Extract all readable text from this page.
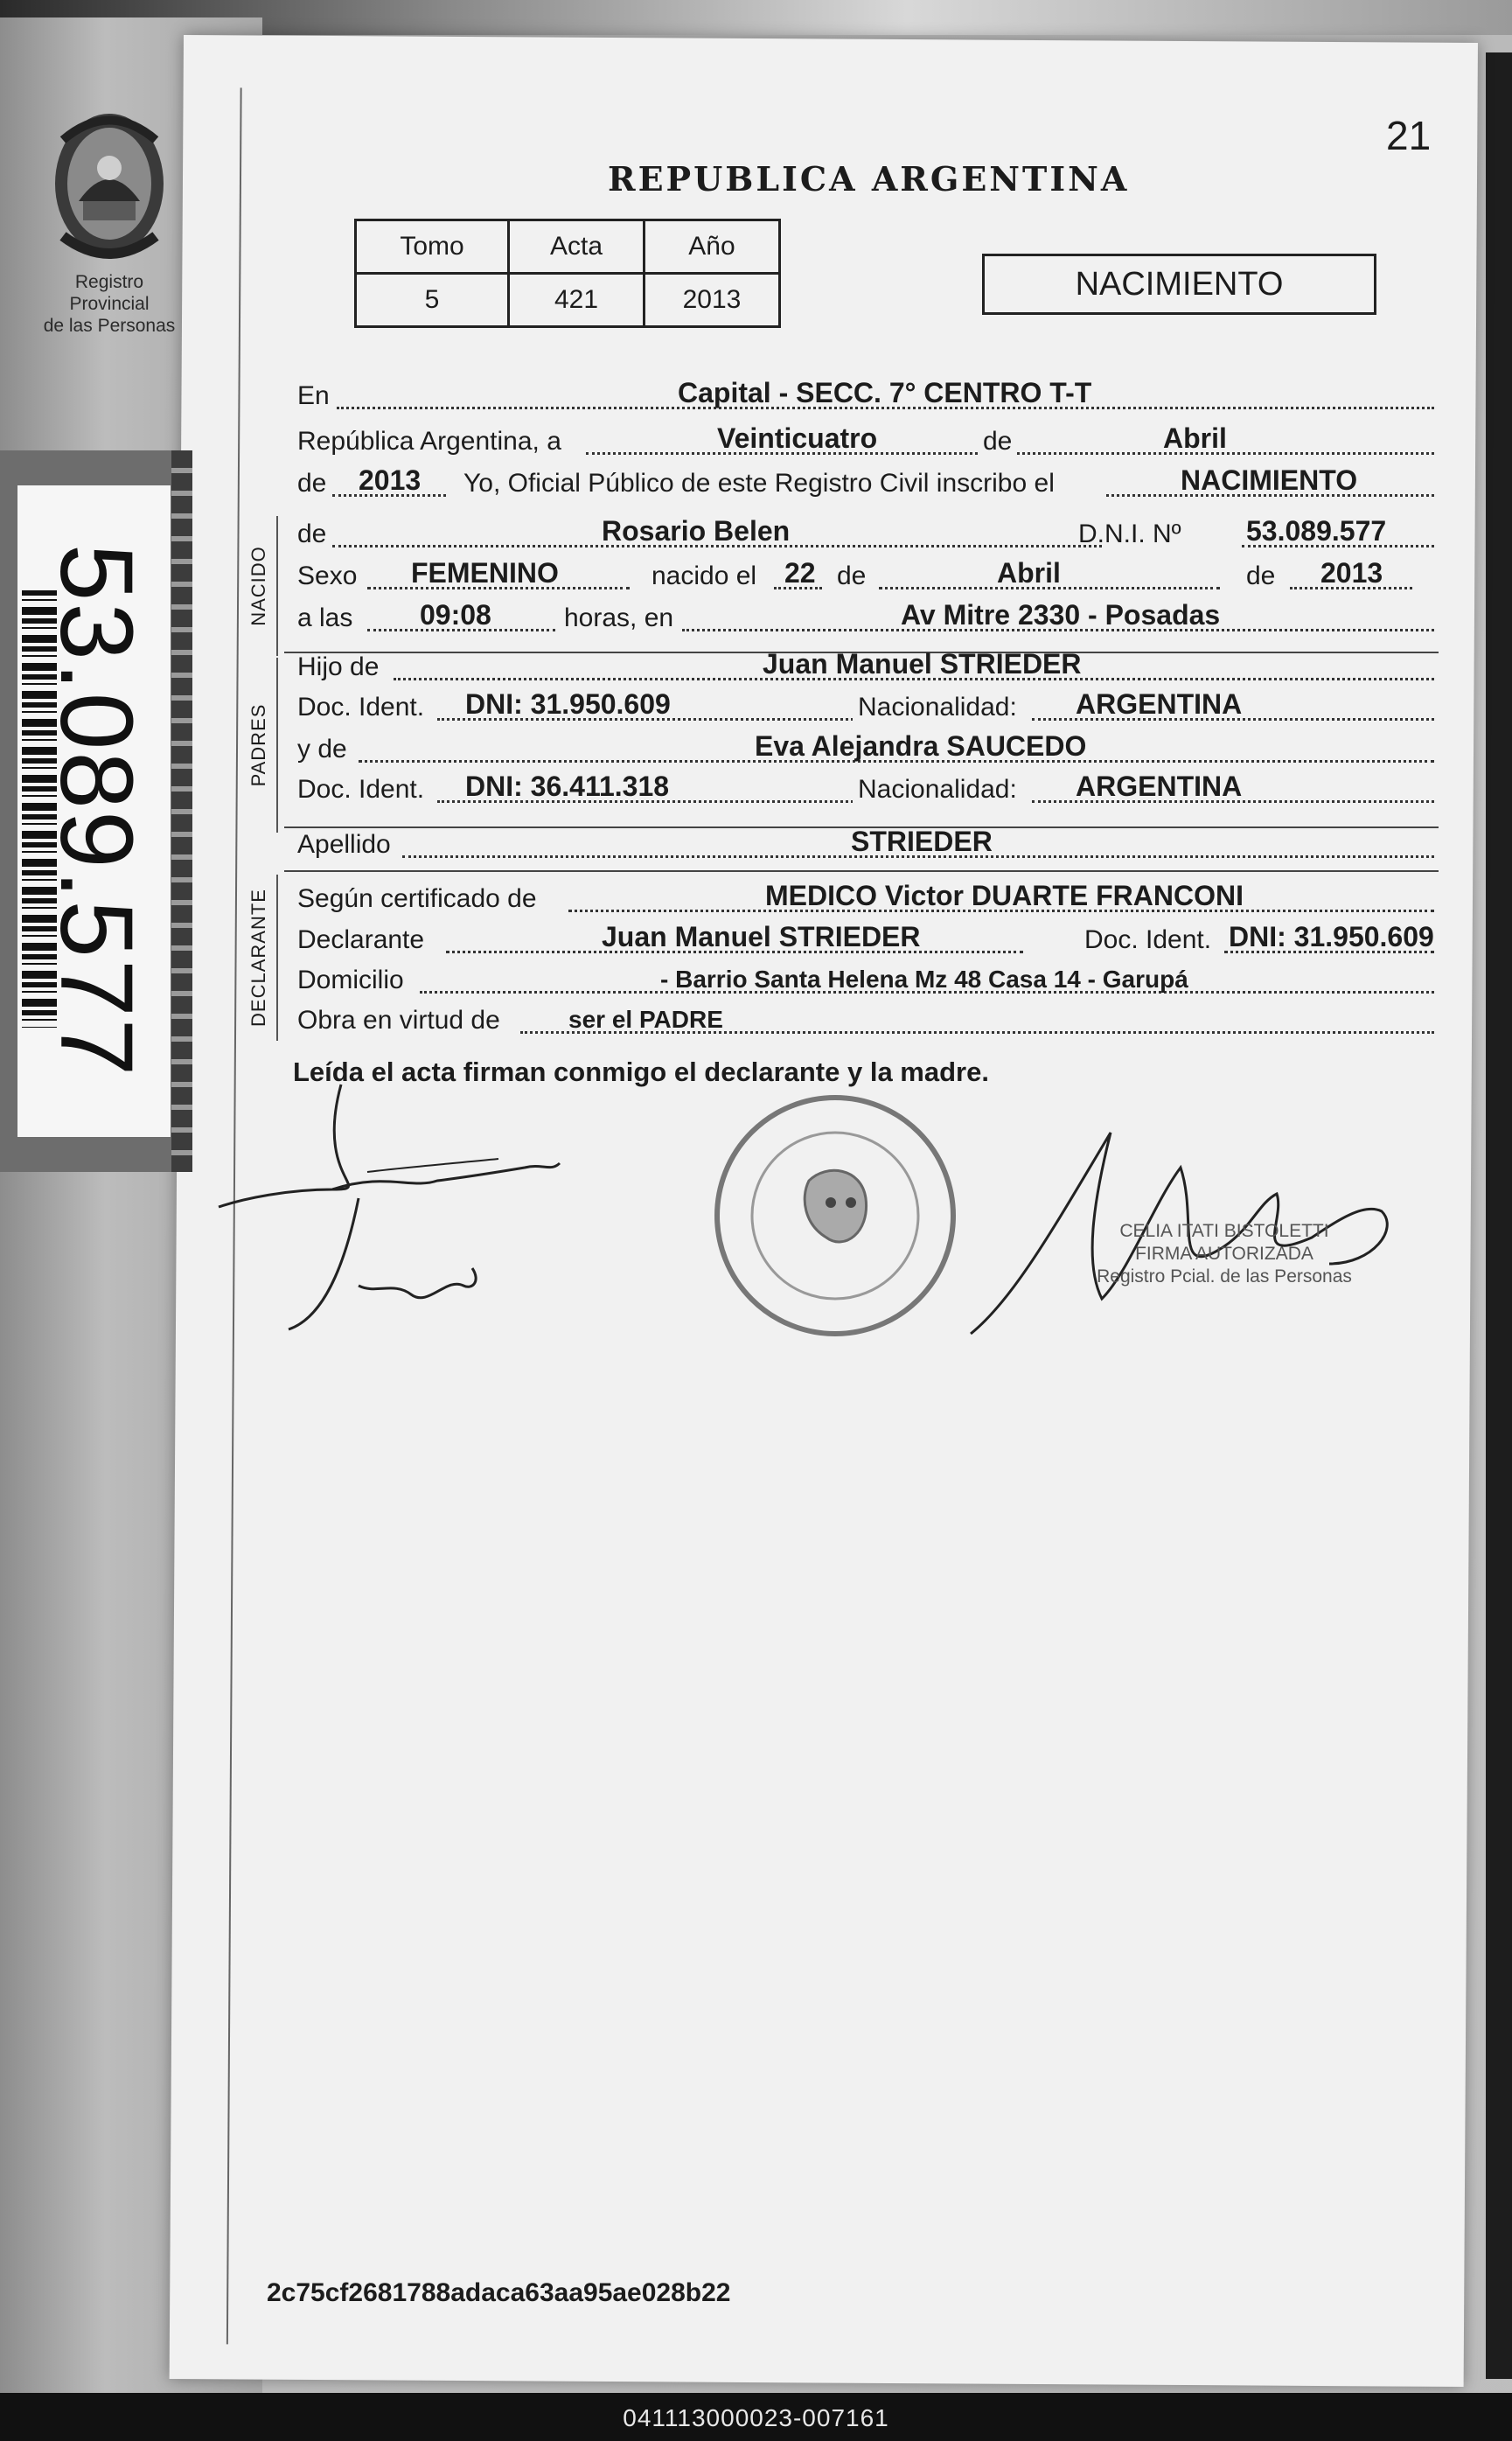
Registro Provincial
de las Personas
53.089.577
21
REPUBLICA ARGENTINA
Tomo	Acta	Año
5	421	2013	NACIMIENTO
En	Capital - SECC. 7° CENTRO T-T
República Argentina, a	Veinticuatro	de	Abril
de 2013 Yo, Oficial Público de este Registro Civil inscribo el	NACIMIENTO
NACIDO
de	Rosario Belen	D.N.I. Nº 53.089.577
Sexo FEMENINO	nacido el 22 de	Abril	de 2013
a las 09:08	horas, en	Av Mitre 2330 - Posadas
PADRES
Hijo de	Juan Manuel STRIEDER
Doc. Ident. DNI: 31.950.609	Nacionalidad: ARGENTINA
y de	Eva Alejandra SAUCEDO
Doc. Ident. DNI: 36.411.318	Nacionalidad: ARGENTINA
Apellido	STRIEDER
DECLARANTE Según certificado de	MEDICO Victor DUARTE FRANCONI
Declarante	Juan Manuel STRIEDER	Doc. Ident. DNI: 31.950.609
Domicilio	- Barrio Santa Helena Mz 48 Casa 14 - Garupá
Obra en virtud de	ser el PADRE
Leída el acta firman conmigo el declarante y la madre.
CELIA ITATI BISTOLETTI
FIRMA AUTORIZADA
Registro Pcial. de las Personas
2c75cf2681788adaca63aa95ae028b22
041113000023-007161
